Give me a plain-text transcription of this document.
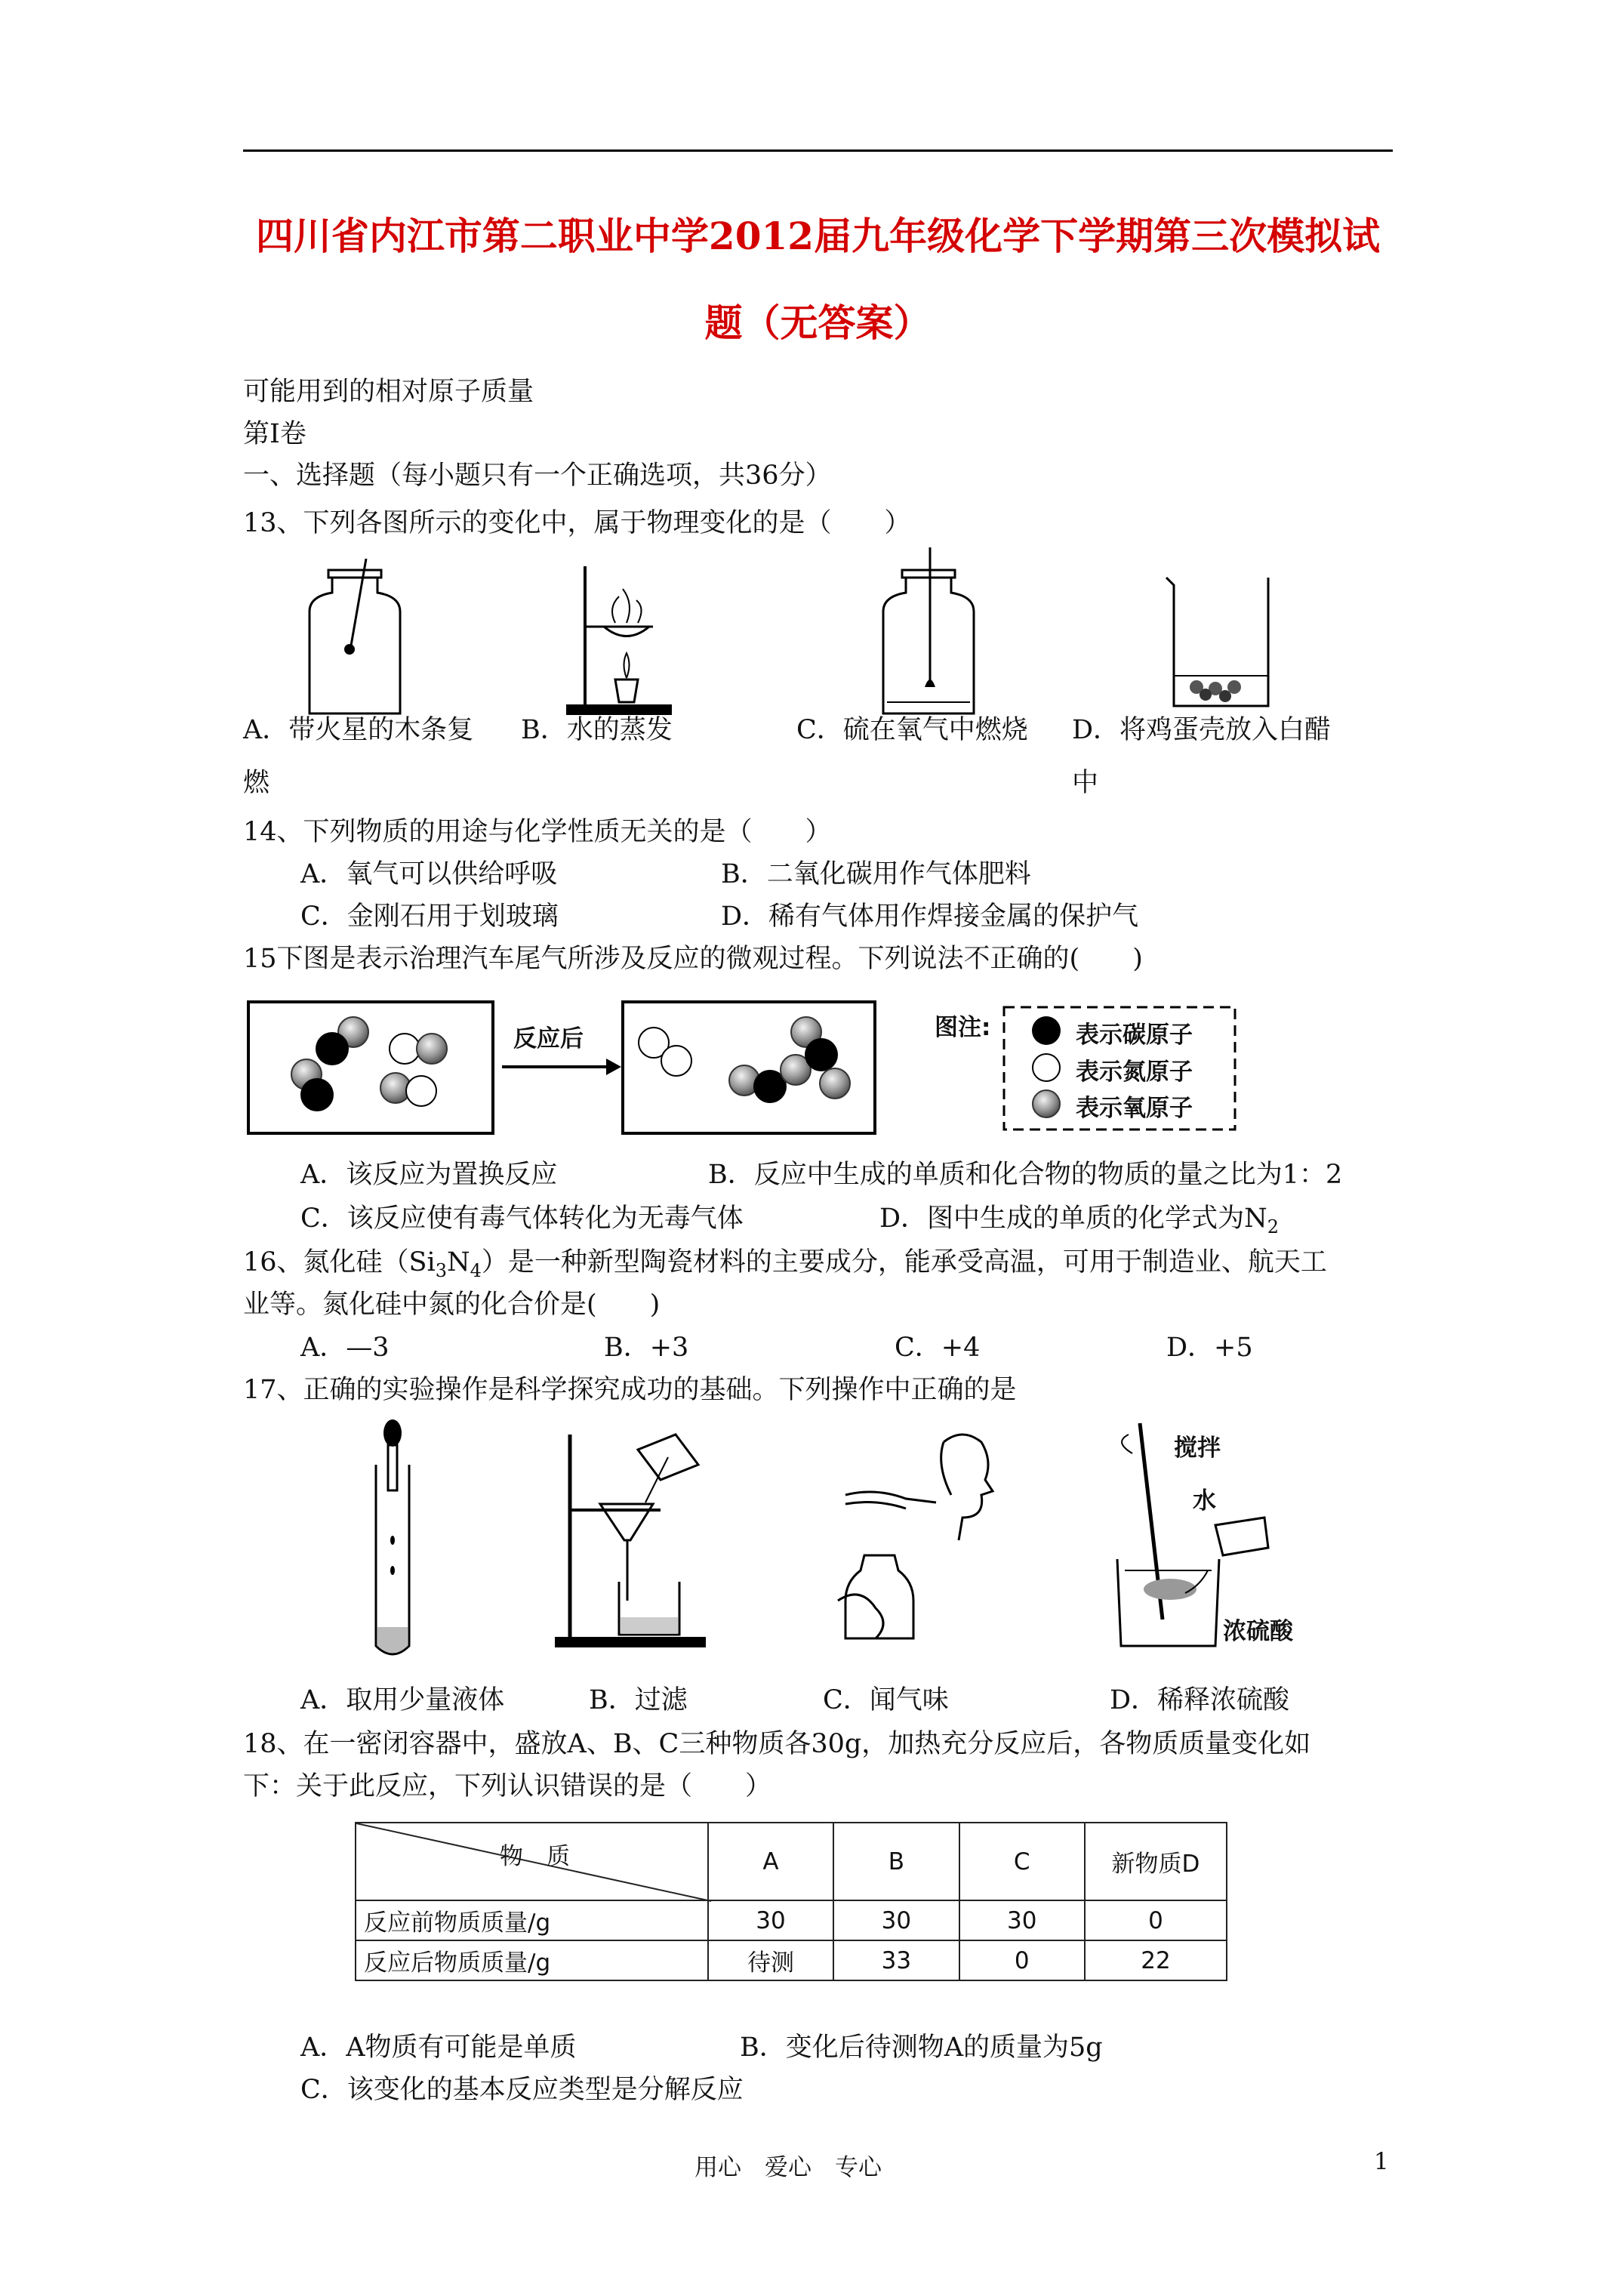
四川省内江市第二职业中学2012届九年级化学下学期第三次模拟试
题（无答案）
可能用到的相对原子质量
第Ⅰ卷
一、选择题（每小题只有一个正确选项，共36分）
13、下列各图所示的变化中，属于物理变化的是（　　）
A．带火星的木条复 B．水的蒸发	C．硫在氧气中燃烧 D．将鸡蛋壳放入白醋
燃	中
14、下列物质的用途与化学性质无关的是（　　）
A．氧气可以供给呼吸	B．二氧化碳用作气体肥料
C．金刚石用于划玻璃	D．稀有气体用作焊接金属的保护气
15下图是表示治理汽车尾气所涉及反应的微观过程。下列说法不正确的(　　)
反应后	图注:	表示碳原子
表示氮原子
表示氧原子
A．该反应为置换反应	B．反应中生成的单质和化合物的物质的量之比为1：2
C．该反应使有毒气体转化为无毒气体	D．图中生成的单质的化学式为$N_2$
16、氮化硅$(Si_3N_4)$是一种新型陶瓷材料的主要成分，能承受高温，可用于制造业、航天工
业等。氮化硅中氮的化合价是(　　)
A．—3	B．+3	C．+4	D．+5
17、正确的实验操作是科学探究成功的基础。下列操作中正确的是
搅拌
水
浓硫酸
A．取用少量液体	B．过滤	C．闻气味	D．稀释浓硫酸
18、在一密闭容器中，盛放A、B、C三种物质各30g，加热充分反应后，各物质质量变化如
下：关于此反应，下列认识错误的是（　　）
物　质	A	B	C	新物质D
反应前物质质量/g	30	30	30	0
反应后物质质量/g	待测	33	0	22
A．A物质有可能是单质	B．变化后待测物A的质量为5g
C．该变化的基本反应类型是分解反应
用心　爱心　专心	1
